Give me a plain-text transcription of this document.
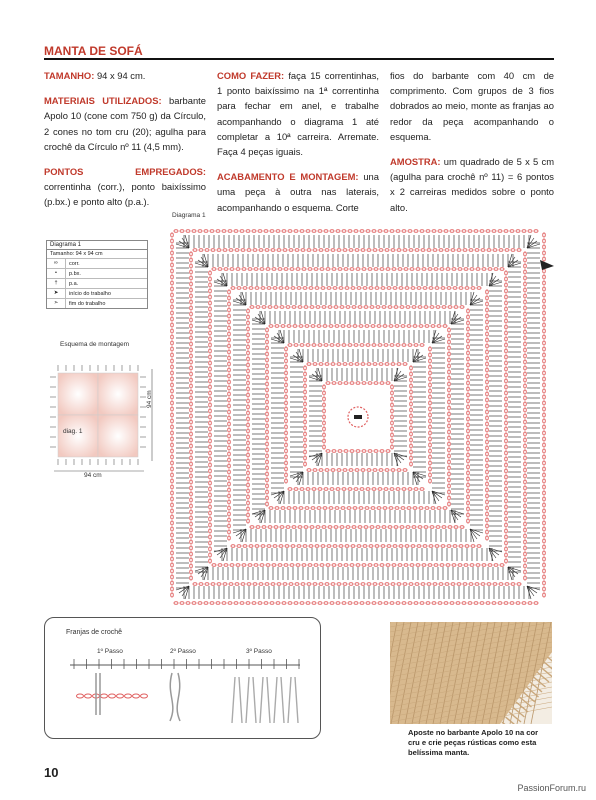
MANTA DE SOFÁ

TAMANHO: 94 x 94 cm.

MATERIAIS UTILIZADOS: barbante Apolo 10 (cone com 750 g) da Círculo, 2 cones no tom cru (20); agulha para crochê da Círculo nº 11 (4,5 mm).

PONTOS EMPREGADOS: correntinha (corr.), ponto baixíssimo (p.bx.) e ponto alto (p.a.).

COMO FAZER: faça 15 correntinhas, 1 ponto baixíssimo na 1ª correntinha para fechar em anel, e trabalhe acompanhando o diagrama 1 até completar a 10ª carreira. Arremate. Faça 4 peças iguais.

ACABAMENTO E MONTAGEM: una uma peça à outra nas laterais, acompanhando o esquema. Corte

fios do barbante com 40 cm de comprimento. Com grupos de 3 fios dobrados ao meio, monte as franjas ao redor da peça acompanhando o esquema.

AMOSTRA: um quadrado de 5 x 5 cm (agulha para crochê nº 11) = 6 pontos x 2 carreiras medidos sobre o ponto alto.

Diagrama 1
Tamanho: 94 x 94 cm
∞	corr.
•	p.bx.
†	p.a.
➤	início do trabalho
➣	fim do trabalho
Esquema de montagem
diag. 1
94 cm
94 cm
Diagrama 1
Franjas de crochê
1º Passo	2º Passo	3º Passo
Aposte no barbante Apolo 10 na cor cru e crie peças rústicas como esta belíssima manta.
10
PassionForum.ru
